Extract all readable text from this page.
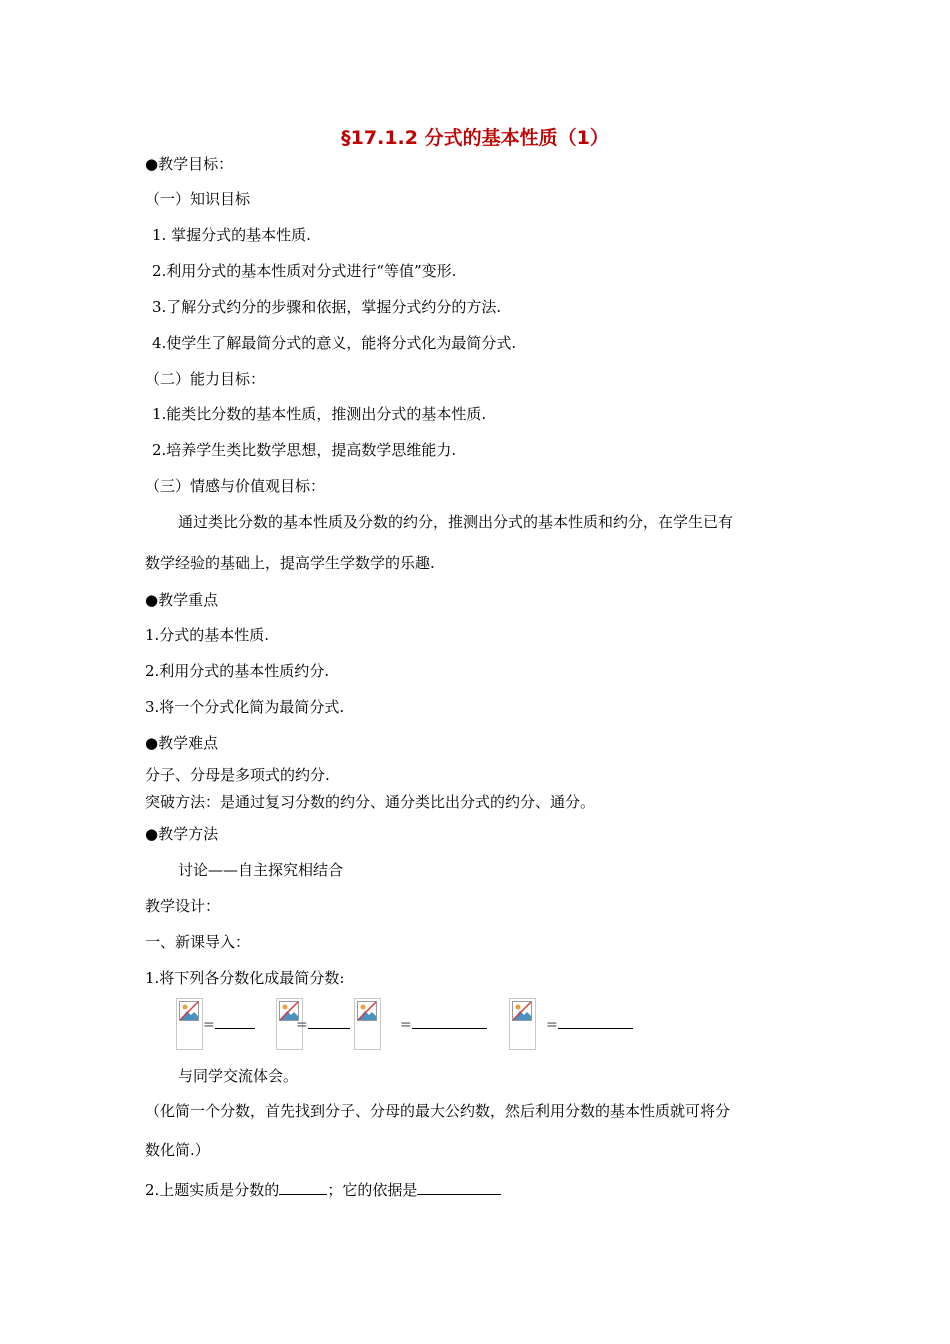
§17.1.2 分式的基本性质（1）
●教学目标：
（一）知识目标
1. 掌握分式的基本性质.
2.利用分式的基本性质对分式进行“等值”变形.
3.了解分式约分的步骤和依据，掌握分式约分的方法.
4.使学生了解最简分式的意义，能将分式化为最简分式.
（二）能力目标：
1.能类比分数的基本性质，推测出分式的基本性质.
2.培养学生类比数学思想，提高数学思维能力.
（三）情感与价值观目标：
通过类比分数的基本性质及分数的约分，推测出分式的基本性质和约分，在学生已有
数学经验的基础上，提高学生学数学的乐趣.
●教学重点
1.分式的基本性质.
2.利用分式的基本性质约分.
3.将一个分式化简为最简分式.
●教学难点
分子、分母是多项式的约分.
突破方法：是通过复习分数的约分、通分类比出分式的约分、通分。
●教学方法
讨论——自主探究相结合
教学设计：
一、新课导入：
1.将下列各分数化成最简分数:
=	=	=	=
与同学交流体会。
（化简一个分数，首先找到分子、分母的最大公约数，然后利用分数的基本性质就可将分
数化简.）
2.上题实质是分数的	；它的依据是
